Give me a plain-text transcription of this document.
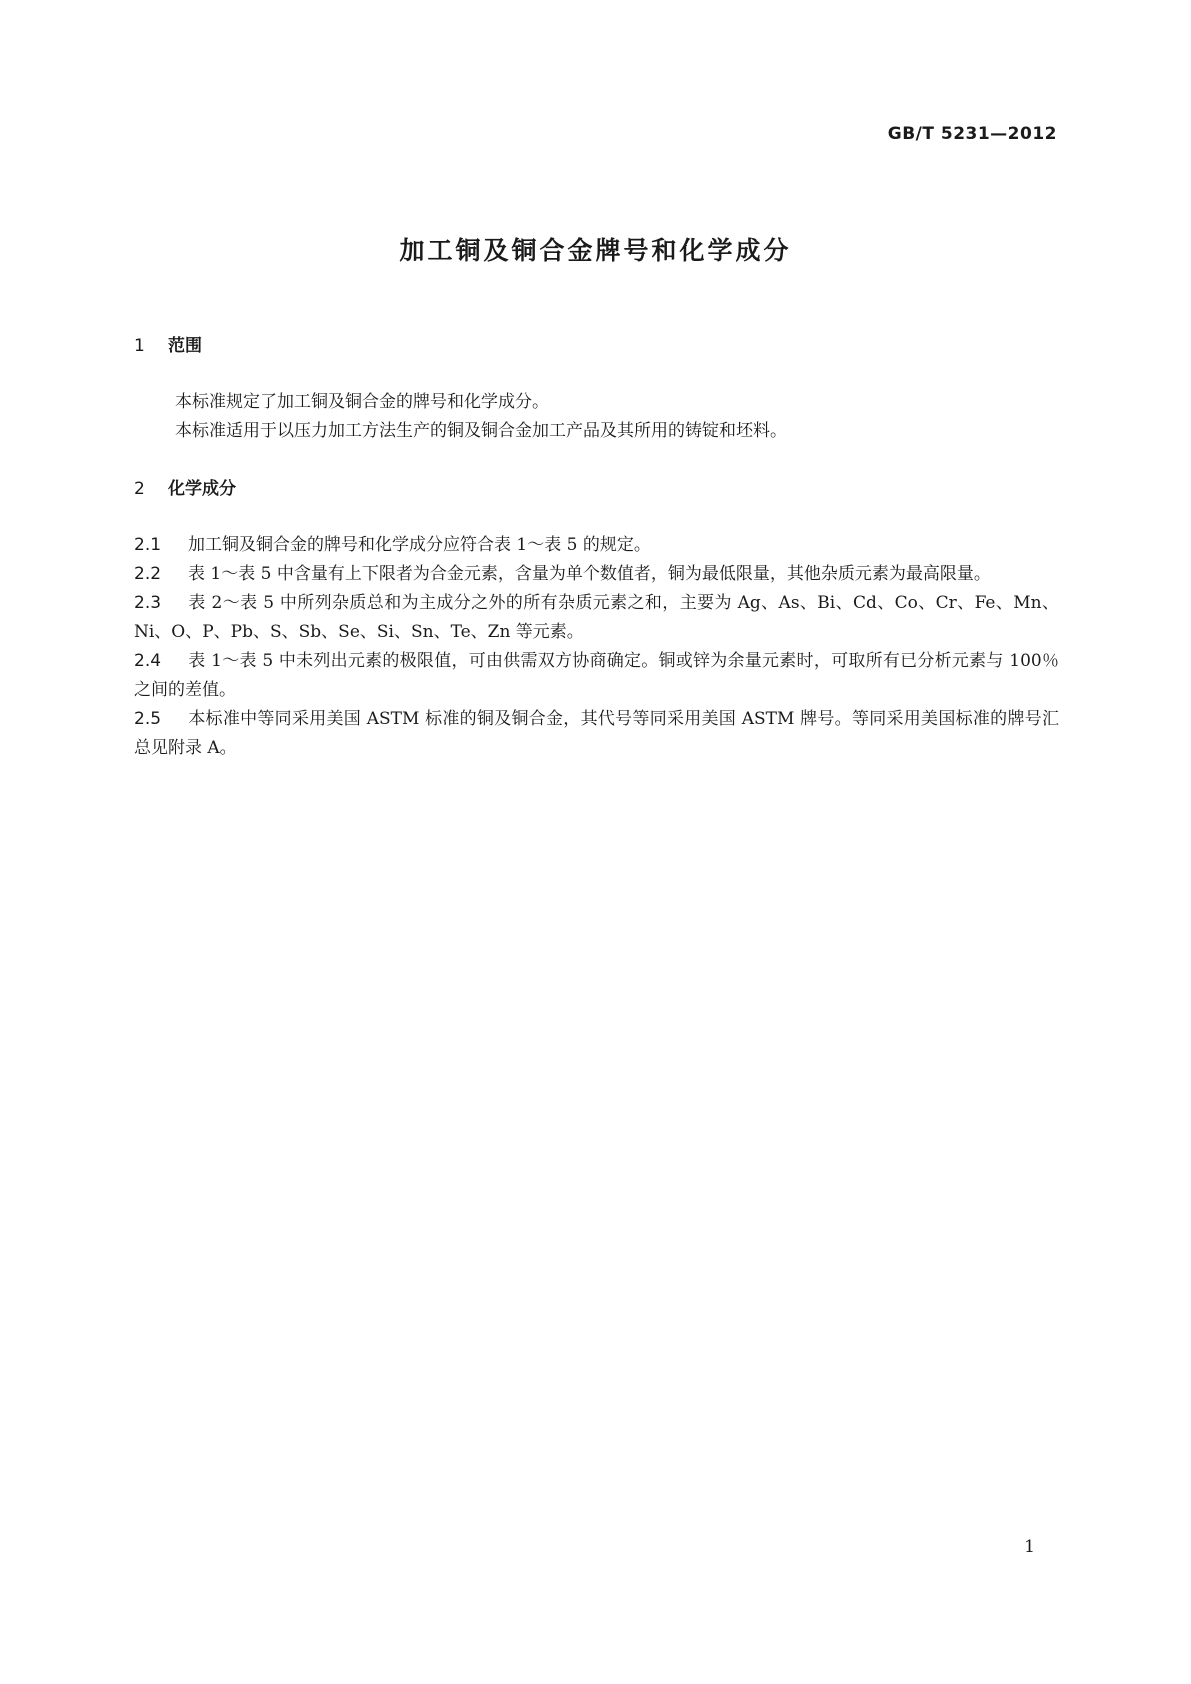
GB/T 5231—2012
加工铜及铜合金牌号和化学成分
1 范围

本标准规定了加工铜及铜合金的牌号和化学成分。

本标准适用于以压力加工方法生产的铜及铜合金加工产品及其所用的铸锭和坯料。

2 化学成分

2.1 加工铜及铜合金的牌号和化学成分应符合表 1～表 5 的规定。

2.2 表 1～表 5 中含量有上下限者为合金元素，含量为单个数值者，铜为最低限量，其他杂质元素为最高限量。

2.3 表 2～表 5 中所列杂质总和为主成分之外的所有杂质元素之和，主要为 Ag、As、Bi、Cd、Co、Cr、Fe、Mn、Ni、O、P、Pb、S、Sb、Se、Si、Sn、Te、Zn 等元素。

2.4 表 1～表 5 中未列出元素的极限值，可由供需双方协商确定。铜或锌为余量元素时，可取所有已分析元素与 100％之间的差值。

2.5 本标准中等同采用美国 ASTM 标准的铜及铜合金，其代号等同采用美国 ASTM 牌号。等同采用美国标准的牌号汇总见附录 A。

1
